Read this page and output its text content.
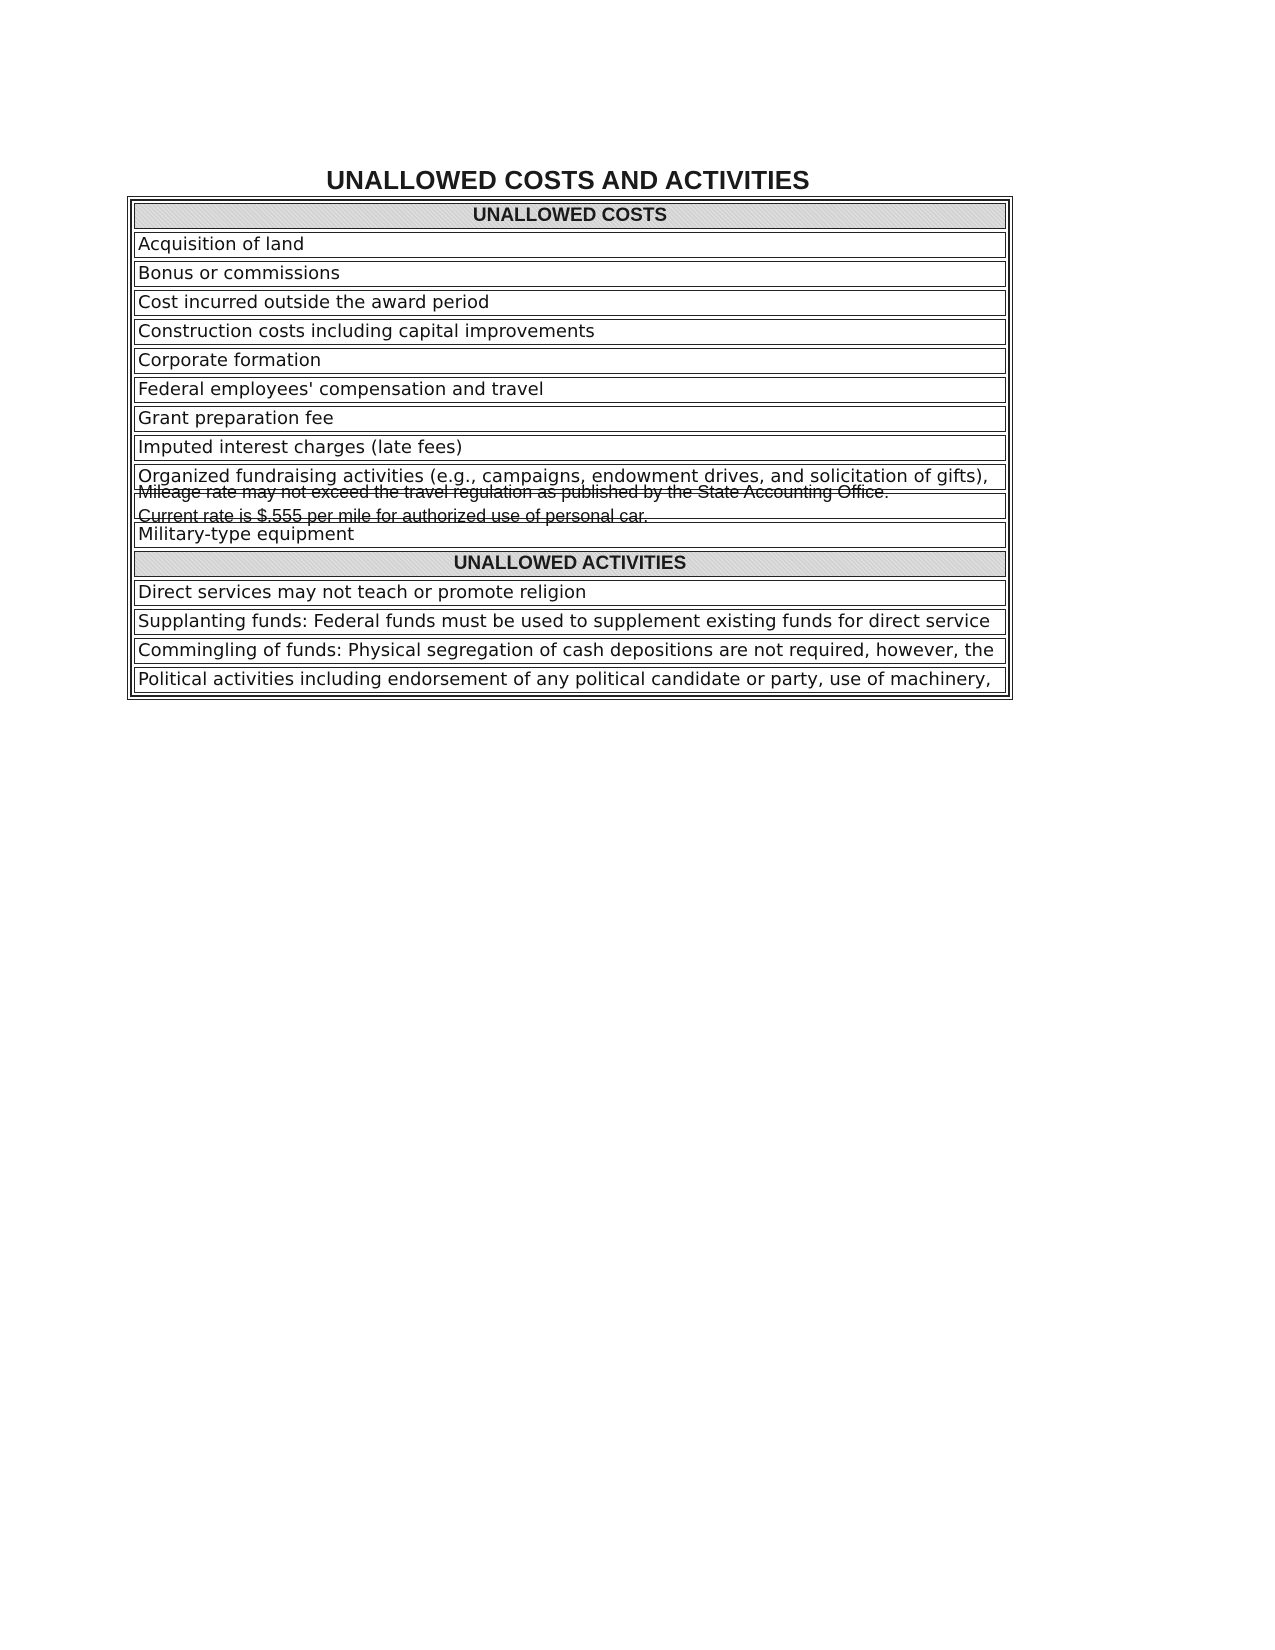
UNALLOWED COSTS AND ACTIVITIES
UNALLOWED COSTS
Acquisition of land
Bonus or commissions
Cost incurred outside the award period
Construction costs including capital improvements
Corporate formation
Federal employees' compensation and travel
Grant preparation fee
Imputed interest charges (late fees)
Organized fundraising activities (e.g., campaigns, endowment drives, and solicitation of gifts),
Mileage rate may not exceed the travel regulation as published by the State Accounting Office.
Current rate is $.555 per mile for authorized use of personal car.
Military-type equipment
UNALLOWED ACTIVITIES
Direct services may not teach or promote religion
Supplanting funds: Federal funds must be used to supplement existing funds for direct service
Commingling of funds: Physical segregation of cash depositions are not required, however, the
Political activities including endorsement of any political candidate or party, use of machinery,
